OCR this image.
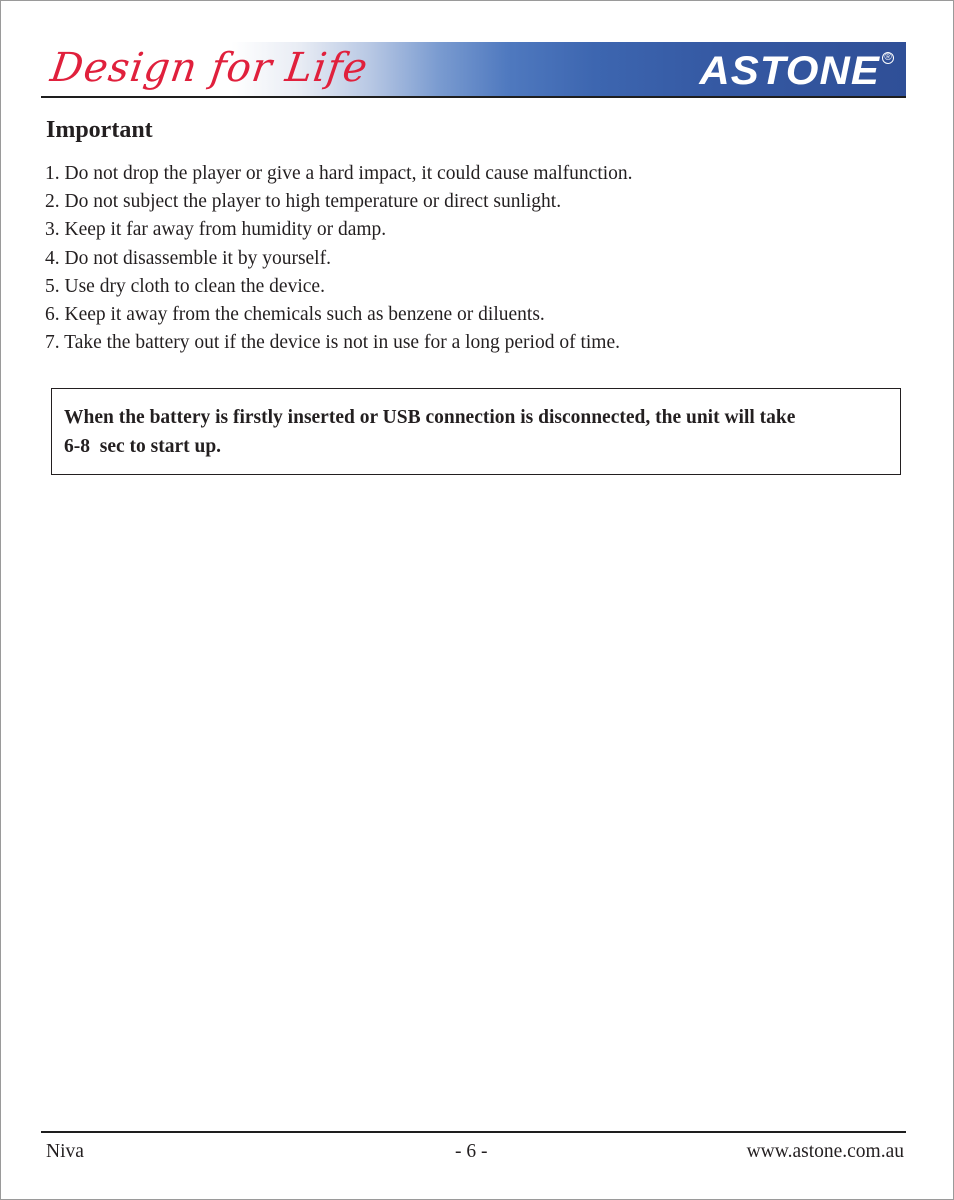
Design for Life	ASTONE ®
Important
1. Do not drop the player or give a hard impact, it could cause malfunction.
2. Do not subject the player to high temperature or direct sunlight.
3. Keep it far away from humidity or damp.
4. Do not disassemble it by yourself.
5. Use dry cloth to clean the device.
6. Keep it away from the chemicals such as benzene or diluents.
7. Take the battery out if the device is not in use for a long period of time.
When the battery is firstly inserted or USB connection is disconnected, the unit will take
6-8  sec to start up.
Niva	- 6 -	www.astone.com.au
